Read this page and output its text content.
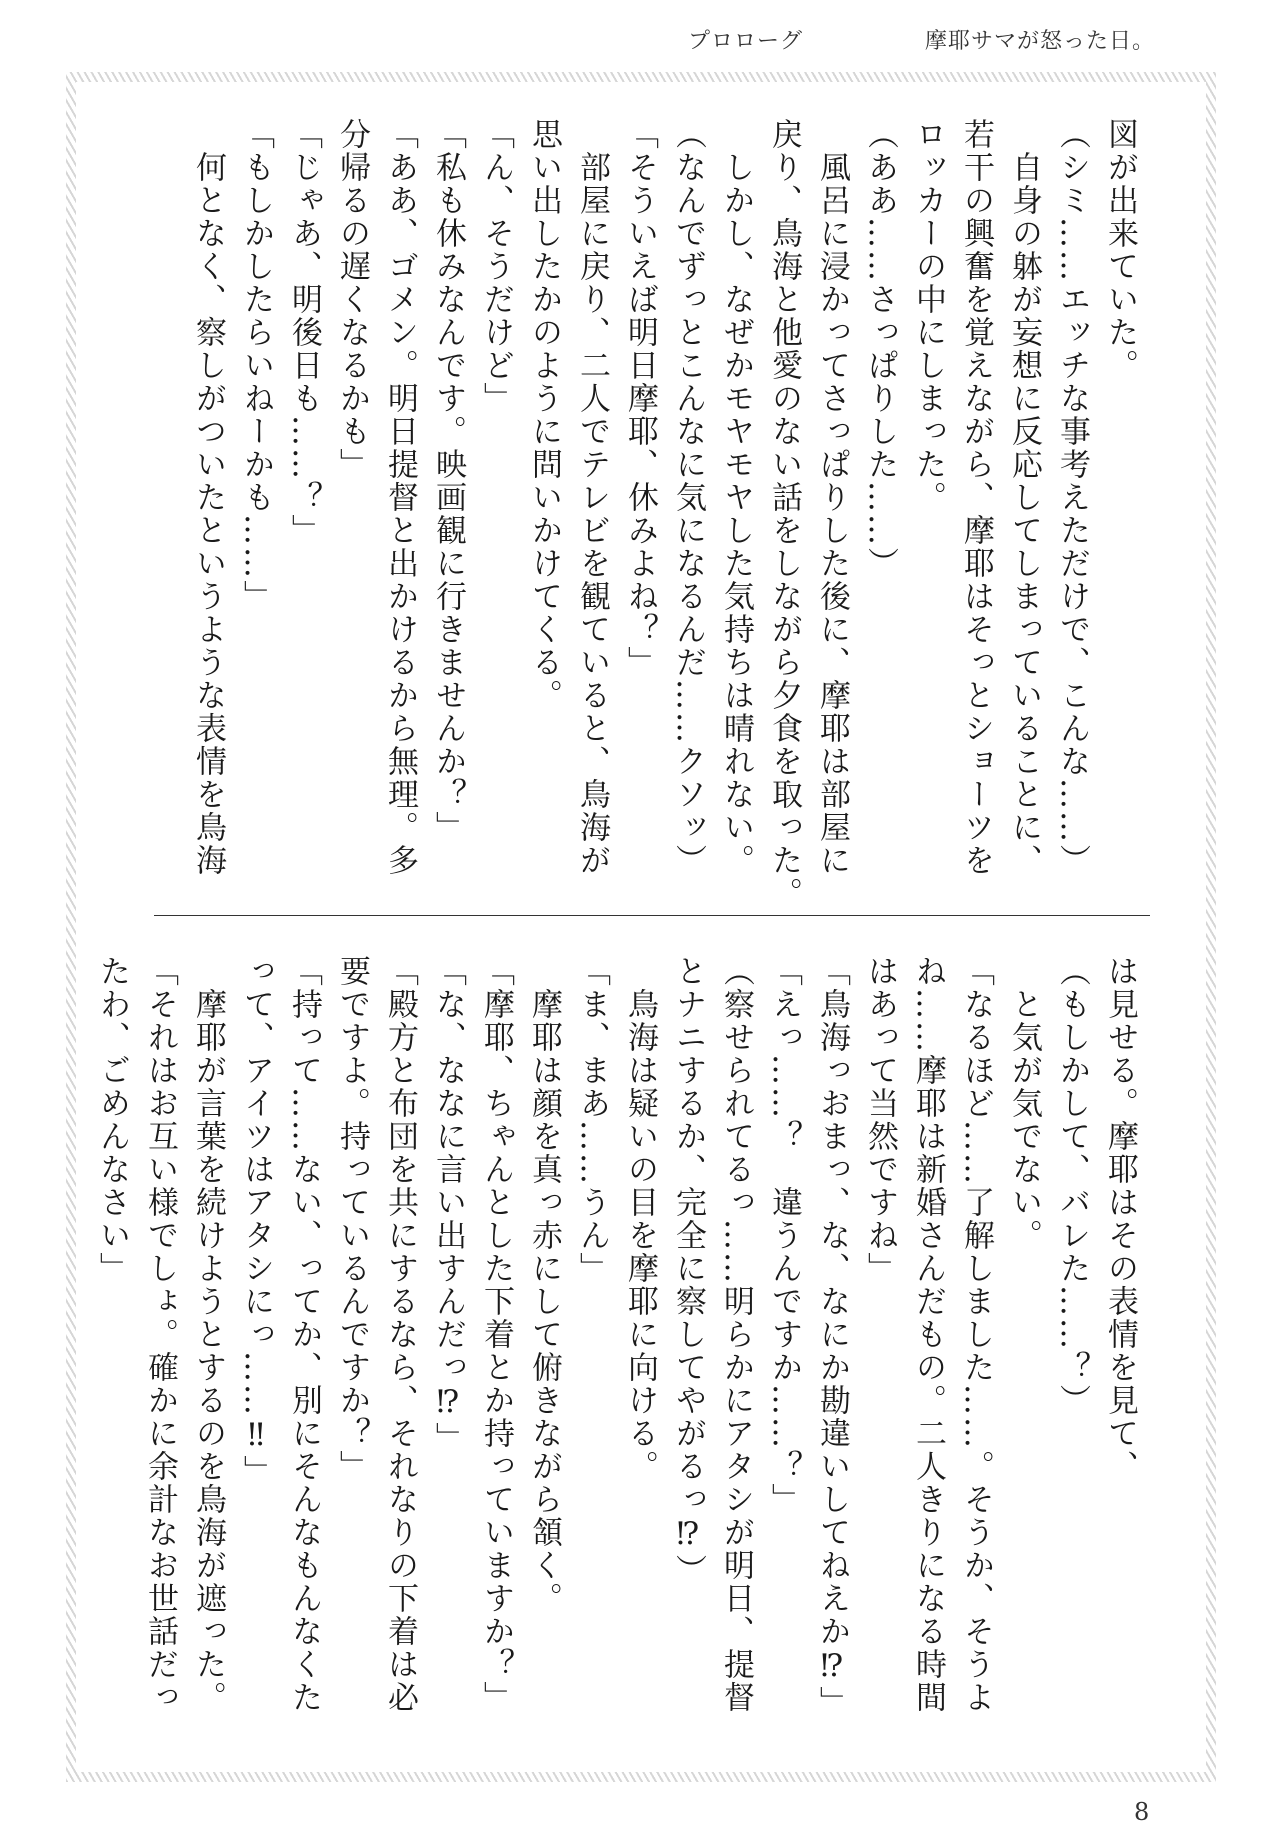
プロローグ	摩耶サマが怒った日。
図が出来ていた。
（シミ……エッチな事考えただけで、こんな……）
　自身の躰が妄想に反応してしまっていることに、
若干の興奮を覚えながら、摩耶はそっとショーツを
ロッカーの中にしまった。
（ああ……さっぱりした……）
　風呂に浸かってさっぱりした後に、摩耶は部屋に
戻り、鳥海と他愛のない話をしながら夕食を取った。
　しかし、なぜかモヤモヤした気持ちは晴れない。
（なんでずっとこんなに気になるんだ……クソッ）
「そういえば明日摩耶、休みよね？」
　部屋に戻り、二人でテレビを観ていると、鳥海が
思い出したかのように問いかけてくる。
「ん、そうだけど」
「私も休みなんです。映画観に行きませんか？」
「ああ、ゴメン。明日提督と出かけるから無理。多
分帰るの遅くなるかも」
「じゃあ、明後日も……？」
「もしかしたらいねーかも……」
　何となく、察しがついたというような表情を鳥海
は見せる。摩耶はその表情を見て、
（もしかして、バレた……？）
　と気が気でない。
「なるほど……了解しました……。そうか、そうよ
ね……摩耶は新婚さんだもの。二人きりになる時間
はあって当然ですね」
「鳥海っおまっ、な、なにか勘違いしてねえか⁉」
「えっ……？　違うんですか……？」
（察せられてるっ……明らかにアタシが明日、提督
とナニするか、完全に察してやがるっ⁉）
　鳥海は疑いの目を摩耶に向ける。
「ま、まあ……うん」
　摩耶は顔を真っ赤にして俯きながら頷く。
「摩耶、ちゃんとした下着とか持っていますか？」
「な、ななに言い出すんだっ⁉」
「殿方と布団を共にするなら、それなりの下着は必
要ですよ。持っているんですか？」
「持って……ない、ってか、別にそんなもんなくた
って、アイツはアタシにっ……‼」
　摩耶が言葉を続けようとするのを鳥海が遮った。
「それはお互い様でしょ。確かに余計なお世話だっ
たわ、ごめんなさい」
8
